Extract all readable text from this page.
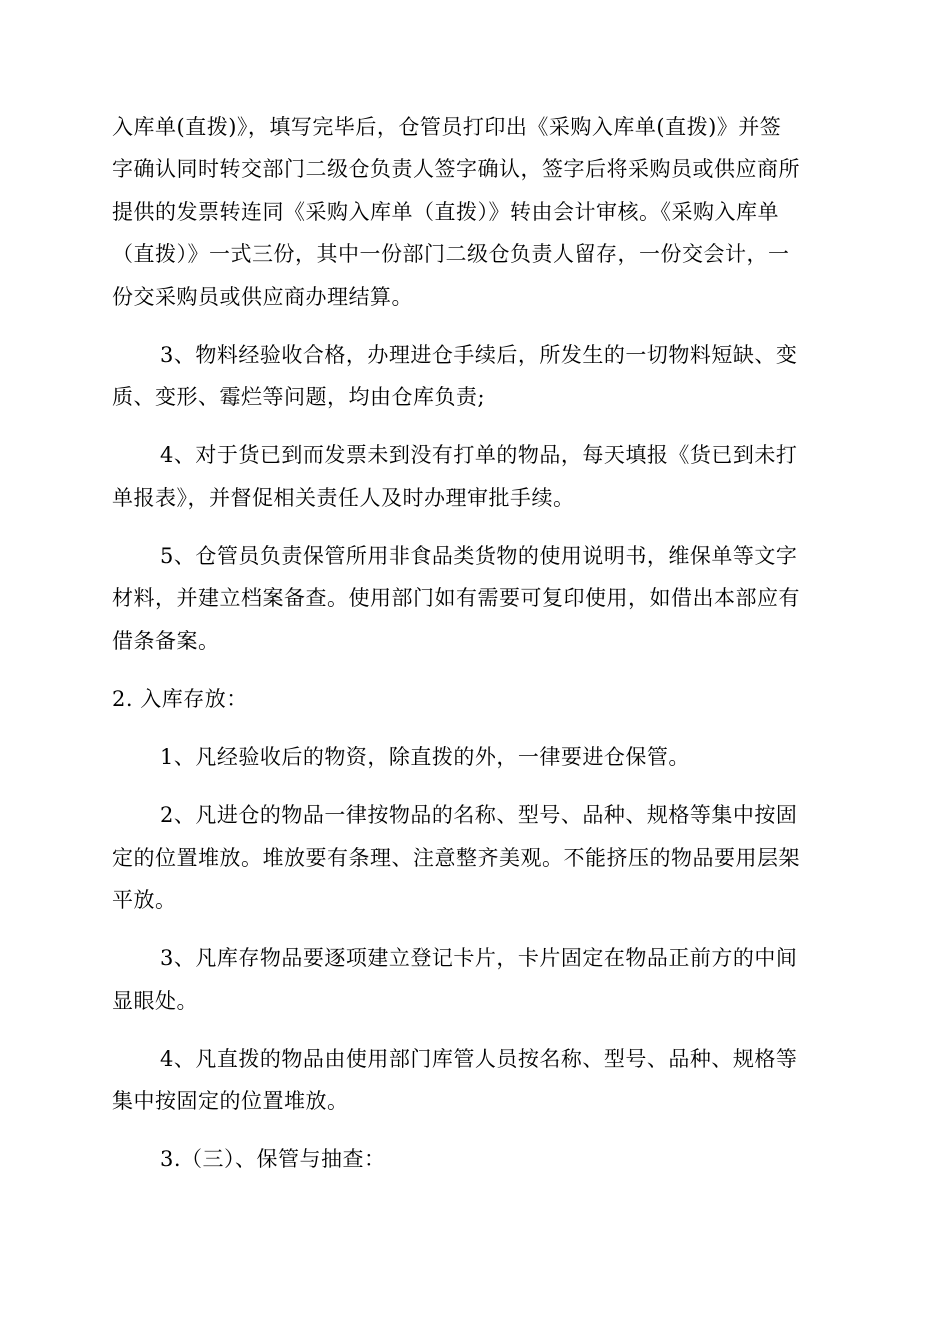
入库单(直拨)》，填写完毕后，仓管员打印出《采购入库单(直拨)》并签
字确认同时转交部门二级仓负责人签字确认，签字后将采购员或供应商所
提供的发票转连同《采购入库单（直拨）》转由会计审核。《采购入库单
（直拨）》一式三份，其中一份部门二级仓负责人留存，一份交会计，一
份交采购员或供应商办理结算。
3、物料经验收合格，办理进仓手续后，所发生的一切物料短缺、变
质、变形、霉烂等问题，均由仓库负责;
4、对于货已到而发票未到没有打单的物品，每天填报《货已到未打
单报表》，并督促相关责任人及时办理审批手续。
5、仓管员负责保管所用非食品类货物的使用说明书，维保单等文字
材料，并建立档案备查。使用部门如有需要可复印使用，如借出本部应有
借条备案。
2. 入库存放：
1、凡经验收后的物资，除直拨的外，一律要进仓保管。
2、凡进仓的物品一律按物品的名称、型号、品种、规格等集中按固
定的位置堆放。堆放要有条理、注意整齐美观。不能挤压的物品要用层架
平放。
3、凡库存物品要逐项建立登记卡片，卡片固定在物品正前方的中间
显眼处。
4、凡直拨的物品由使用部门库管人员按名称、型号、品种、规格等
集中按固定的位置堆放。
3.（三）、保管与抽查：
